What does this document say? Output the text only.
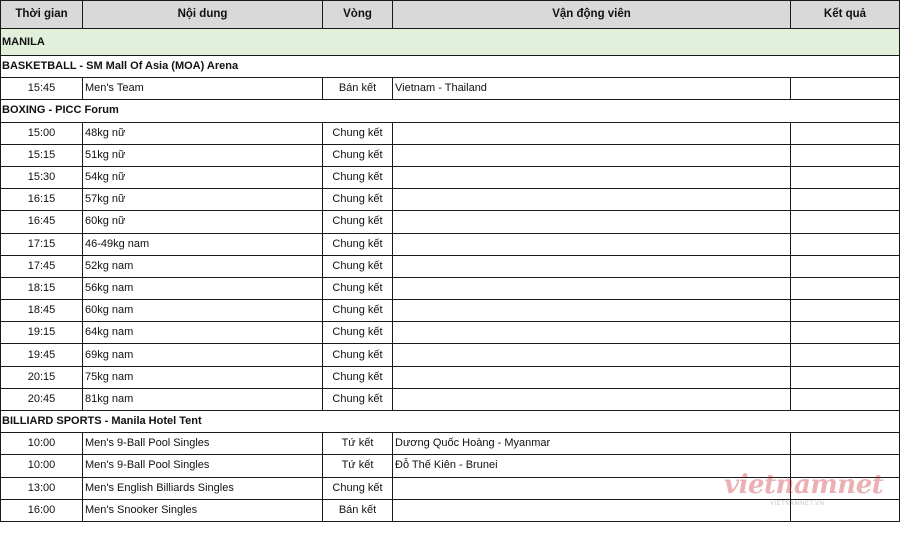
Thời gian	Nội dung	Vòng	Vận động viên	Kết quả
MANILA				
BASKETBALL - SM Mall Of Asia (MOA) Arena				
15:45	Men's Team	Bán kết	Vietnam - Thailand	
BOXING - PICC Forum				
15:00	48kg nữ	Chung kết		
15:15	51kg nữ	Chung kết		
15:30	54kg nữ	Chung kết		
16:15	57kg nữ	Chung kết		
16:45	60kg nữ	Chung kết		
17:15	46-49kg nam	Chung kết		
17:45	52kg nam	Chung kết		
18:15	56kg nam	Chung kết		
18:45	60kg nam	Chung kết		
19:15	64kg nam	Chung kết		
19:45	69kg nam	Chung kết		
20:15	75kg nam	Chung kết		
20:45	81kg nam	Chung kết		
BILLIARD SPORTS - Manila Hotel Tent				
10:00	Men's 9-Ball Pool Singles	Tứ kết	Dương Quốc Hoàng - Myanmar	
10:00	Men's 9-Ball Pool Singles	Tứ kết	Đỗ Thế Kiên - Brunei	
13:00	Men's English Billiards Singles	Chung kết		
16:00	Men's Snooker Singles	Bán kết		
vietnamnet
VIETNAMNET.VN
